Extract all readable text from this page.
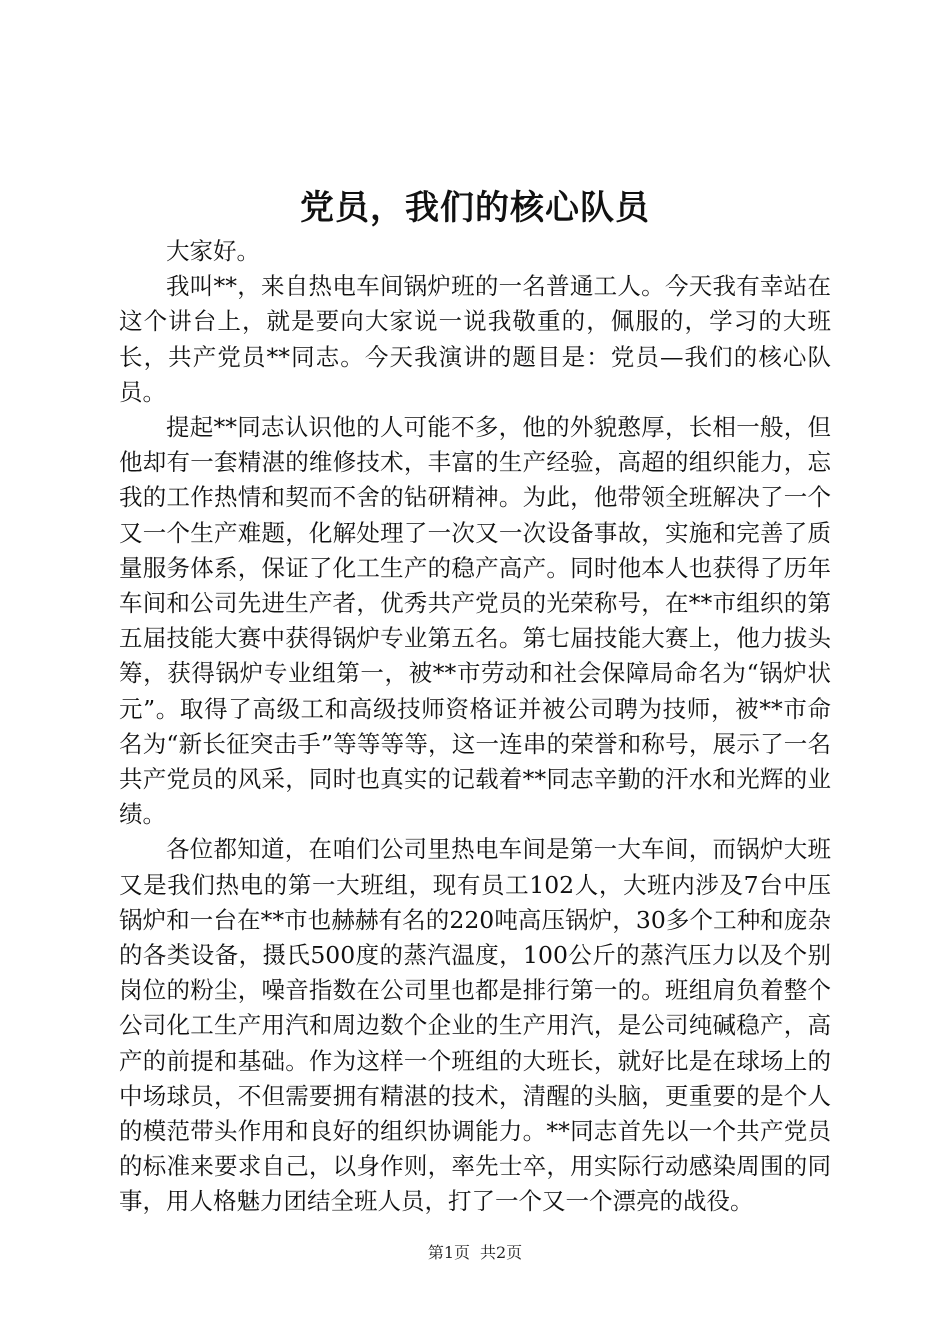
党员，我们的核心队员

大家好。

我叫**，来自热电车间锅炉班的一名普通工人。今天我有幸站在这个讲台上，就是要向大家说一说我敬重的，佩服的，学习的大班长，共产党员**同志。今天我演讲的题目是：党员—我们的核心队员。

提起**同志认识他的人可能不多，他的外貌憨厚，长相一般，但他却有一套精湛的维修技术，丰富的生产经验，高超的组织能力，忘我的工作热情和契而不舍的钻研精神。为此，他带领全班解决了一个又一个生产难题，化解处理了一次又一次设备事故，实施和完善了质量服务体系，保证了化工生产的稳产高产。同时他本人也获得了历年车间和公司先进生产者，优秀共产党员的光荣称号，在**市组织的第五届技能大赛中获得锅炉专业第五名。第七届技能大赛上，他力拔头筹，获得锅炉专业组第一，被**市劳动和社会保障局命名为“锅炉状元”。取得了高级工和高级技师资格证并被公司聘为技师，被**市命名为“新长征突击手”等等等等，这一连串的荣誉和称号，展示了一名共产党员的风采，同时也真实的记载着**同志辛勤的汗水和光辉的业绩。

各位都知道，在咱们公司里热电车间是第一大车间，而锅炉大班又是我们热电的第一大班组，现有员工102人，大班内涉及7台中压锅炉和一台在**市也赫赫有名的220吨高压锅炉，30多个工种和庞杂的各类设备，摄氏500度的蒸汽温度，100公斤的蒸汽压力以及个别岗位的粉尘，噪音指数在公司里也都是排行第一的。班组肩负着整个公司化工生产用汽和周边数个企业的生产用汽，是公司纯碱稳产，高产的前提和基础。作为这样一个班组的大班长，就好比是在球场上的中场球员，不但需要拥有精湛的技术，清醒的头脑，更重要的是个人的模范带头作用和良好的组织协调能力。**同志首先以一个共产党员的标准来要求自己，以身作则，率先士卒，用实际行动感染周围的同事，用人格魅力团结全班人员，打了一个又一个漂亮的战役。

第1页 共2页
